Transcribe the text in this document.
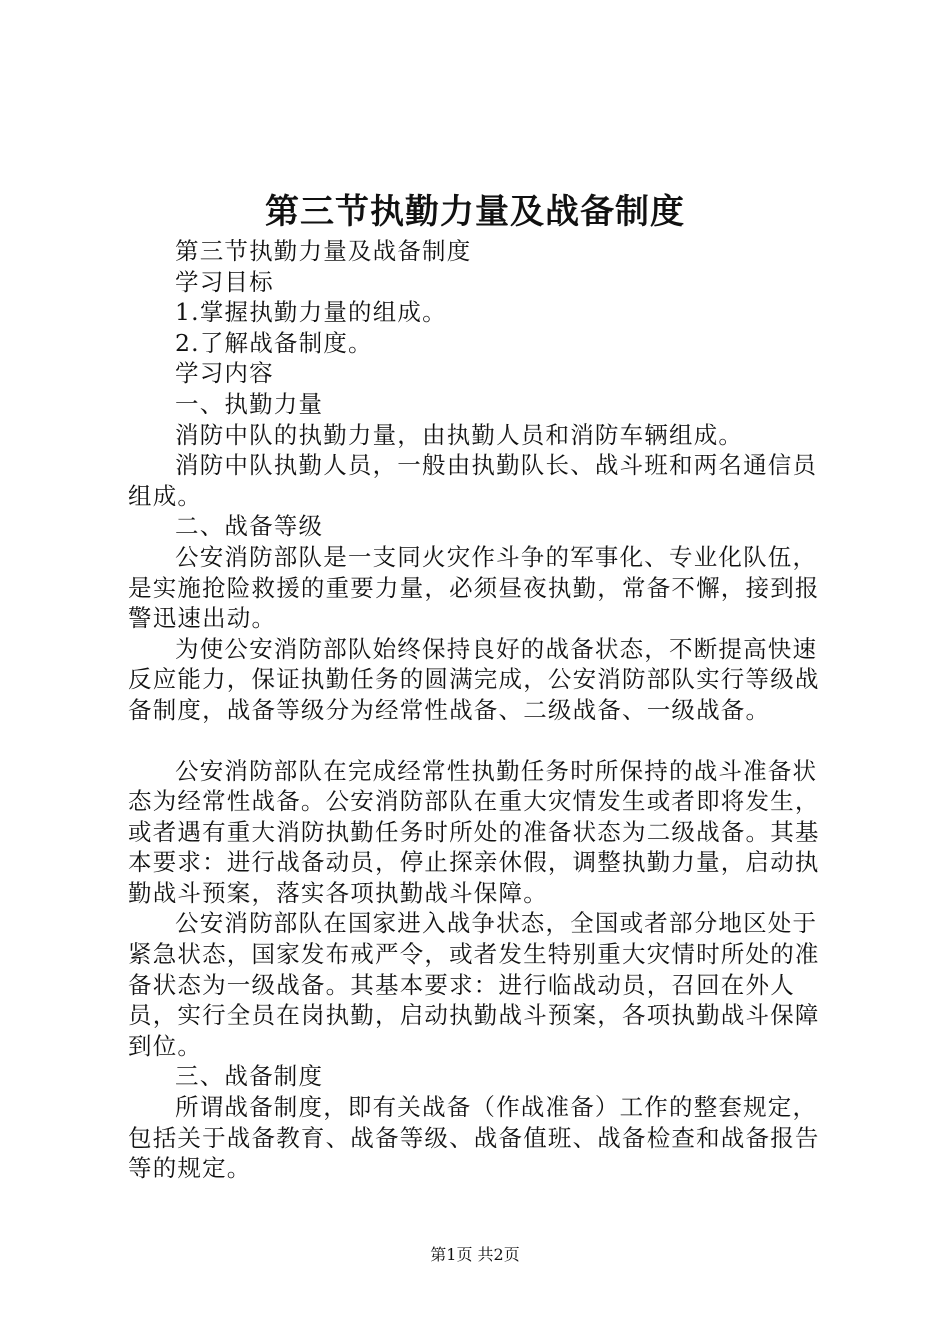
第三节执勤力量及战备制度

第三节执勤力量及战备制度

学习目标

1.掌握执勤力量的组成。

2.了解战备制度。

学习内容

一、执勤力量

消防中队的执勤力量，由执勤人员和消防车辆组成。

消防中队执勤人员，一般由执勤队长、战斗班和两名通信员组成。

二、战备等级

公安消防部队是一支同火灾作斗争的军事化、专业化队伍，是实施抢险救援的重要力量，必须昼夜执勤，常备不懈，接到报警迅速出动。

为使公安消防部队始终保持良好的战备状态，不断提高快速反应能力，保证执勤任务的圆满完成，公安消防部队实行等级战备制度，战备等级分为经常性战备、二级战备、一级战备。

公安消防部队在完成经常性执勤任务时所保持的战斗准备状态为经常性战备。公安消防部队在重大灾情发生或者即将发生，或者遇有重大消防执勤任务时所处的准备状态为二级战备。其基本要求：进行战备动员，停止探亲休假，调整执勤力量，启动执勤战斗预案，落实各项执勤战斗保障。

公安消防部队在国家进入战争状态，全国或者部分地区处于紧急状态，国家发布戒严令，或者发生特别重大灾情时所处的准备状态为一级战备。其基本要求：进行临战动员，召回在外人员，实行全员在岗执勤，启动执勤战斗预案，各项执勤战斗保障到位。

三、战备制度

所谓战备制度，即有关战备（作战准备）工作的整套规定，包括关于战备教育、战备等级、战备值班、战备检查和战备报告等的规定。

第1页 共2页
